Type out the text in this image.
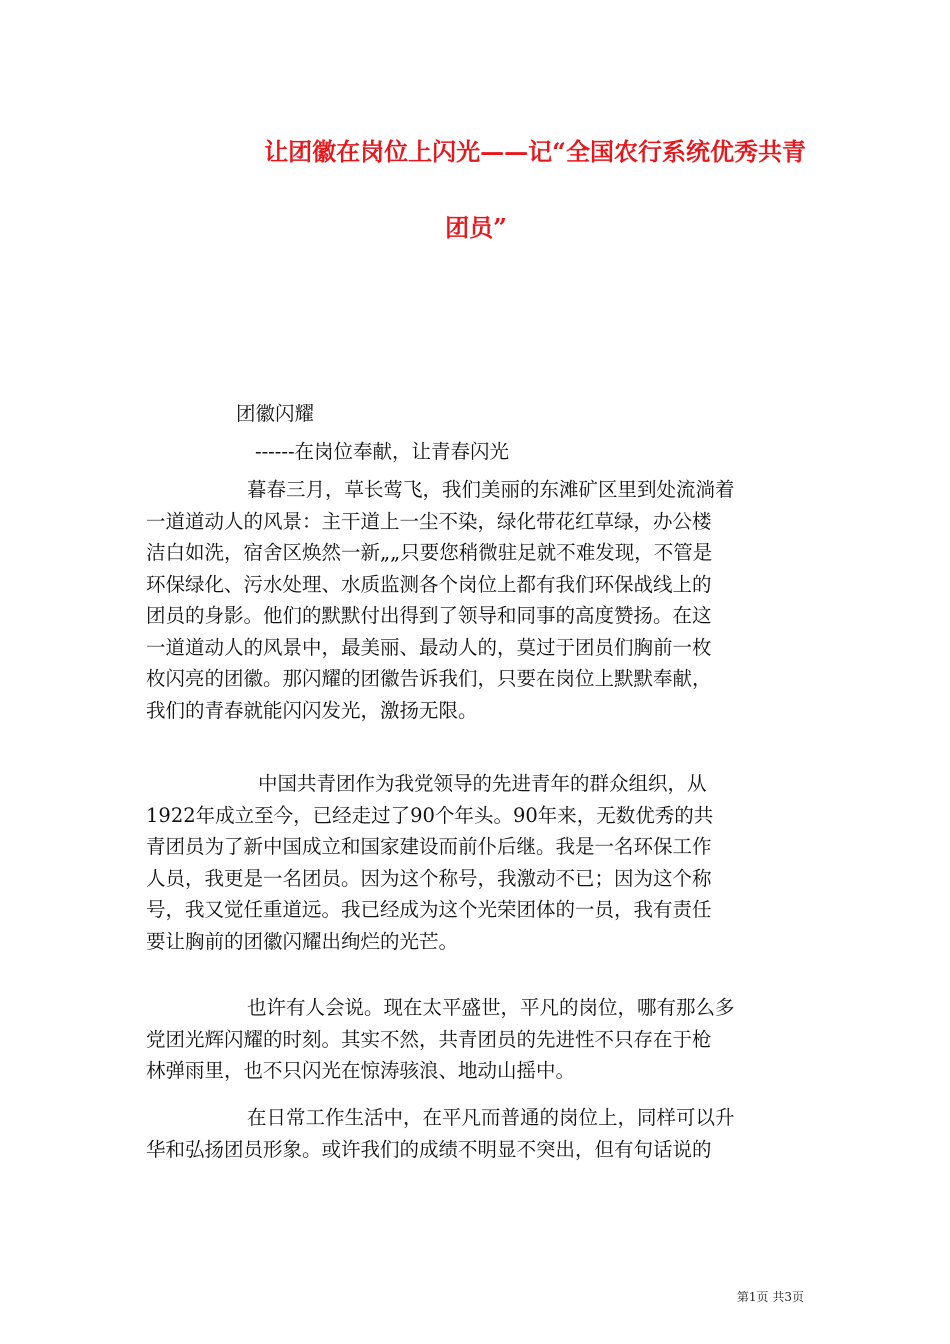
让团徽在岗位上闪光——记“全国农行系统优秀共青
团员”

团徽闪耀

------在岗位奉献，让青春闪光

暮春三月，草长莺飞，我们美丽的东滩矿区里到处流淌着
一道道动人的风景：主干道上一尘不染，绿化带花红草绿，办公楼
洁白如洗，宿舍区焕然一新„„只要您稍微驻足就不难发现，不管是
环保绿化、污水处理、水质监测各个岗位上都有我们环保战线上的
团员的身影。他们的默默付出得到了领导和同事的高度赞扬。在这
一道道动人的风景中，最美丽、最动人的，莫过于团员们胸前一枚
枚闪亮的团徽。那闪耀的团徽告诉我们，只要在岗位上默默奉献，
我们的青春就能闪闪发光，激扬无限。
中国共青团作为我党领导的先进青年的群众组织，从
1922年成立至今，已经走过了90个年头。90年来，无数优秀的共
青团员为了新中国成立和国家建设而前仆后继。我是一名环保工作
人员，我更是一名团员。因为这个称号，我激动不已；因为这个称
号，我又觉任重道远。我已经成为这个光荣团体的一员，我有责任
要让胸前的团徽闪耀出绚烂的光芒。
也许有人会说。现在太平盛世，平凡的岗位，哪有那么多
党团光辉闪耀的时刻。其实不然，共青团员的先进性不只存在于枪
林弹雨里，也不只闪光在惊涛骇浪、地动山摇中。
在日常工作生活中，在平凡而普通的岗位上，同样可以升
华和弘扬团员形象。或许我们的成绩不明显不突出，但有句话说的
第1页 共3页
